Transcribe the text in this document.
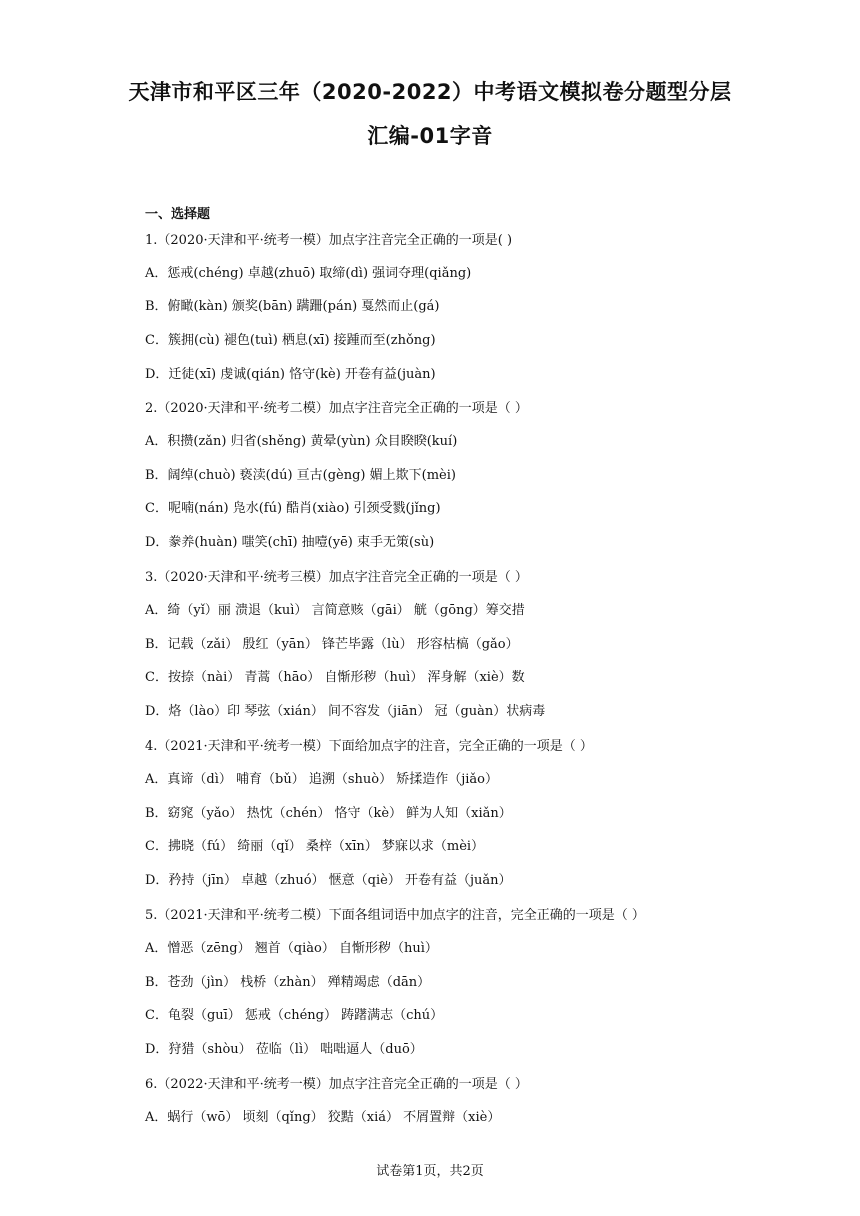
天津市和平区三年（2020-2022）中考语文模拟卷分题型分层
汇编-01字音
一、选择题
1.（2020·天津和平·统考一模）加点字注音完全正确的一项是( )
A．惩戒(chéng) 卓越(zhuō) 取缔(dì) 强词夺理(qiǎng)
B．俯瞰(kàn) 颁奖(bān) 蹒跚(pán) 戛然而止(gá)
C．簇拥(cù) 褪色(tuì) 栖息(xī) 接踵而至(zhǒng)
D．迁徒(xī) 虔诚(qián) 恪守(kè) 开卷有益(juàn)
2.（2020·天津和平·统考二模）加点字注音完全正确的一项是（ ）
A．积攒(zǎn) 归省(shěng) 黄晕(yùn) 众目睽睽(kuí)
B．阔绰(chuò) 亵渎(dú) 亘古(gèng) 媚上欺下(mèi)
C．呢喃(nán) 凫水(fú) 酷肖(xiào) 引颈受戮(jǐng)
D．豢养(huàn) 嗤笑(chī) 抽噎(yē) 束手无策(sù)
3.（2020·天津和平·统考三模）加点字注音完全正确的一项是（ ）
A．绮（yǐ）丽 溃退（kuì） 言简意赅（gāi） 觥（gōng）筹交措
B．记载（zǎi） 殷红（yān） 锋芒毕露（lù） 形容枯槁（gǎo）
C．按捺（nài） 青蒿（hāo） 自惭形秽（huì） 浑身解（xiè）数
D．烙（lào）印 琴弦（xián） 间不容发（jiān） 冠（guàn）状病毒
4.（2021·天津和平·统考一模）下面给加点字的注音，完全正确的一项是（ ）
A．真谛（dì） 哺育（bǔ） 追溯（shuò） 矫揉造作（jiǎo）
B．窈窕（yǎo） 热忱（chén） 恪守（kè） 鲜为人知（xiǎn）
C．拂晓（fú） 绮丽（qǐ） 桑梓（xīn） 梦寐以求（mèi）
D．矜持（jīn） 卓越（zhuó） 惬意（qiè） 开卷有益（juǎn）
5.（2021·天津和平·统考二模）下面各组词语中加点字的注音，完全正确的一项是（ ）
A．憎恶（zēng） 翘首（qiào） 自惭形秽（huì）
B．苍劲（jìn） 栈桥（zhàn） 殚精竭虑（dān）
C．龟裂（guī） 惩戒（chéng） 踌躇满志（chú）
D．狩猎（shòu） 莅临（lì） 咄咄逼人（duō）
6.（2022·天津和平·统考一模）加点字注音完全正确的一项是（ ）
A．蜗行（wō） 顷刻（qǐng） 狡黠（xiá） 不屑置辩（xiè）
试卷第1页，共2页
